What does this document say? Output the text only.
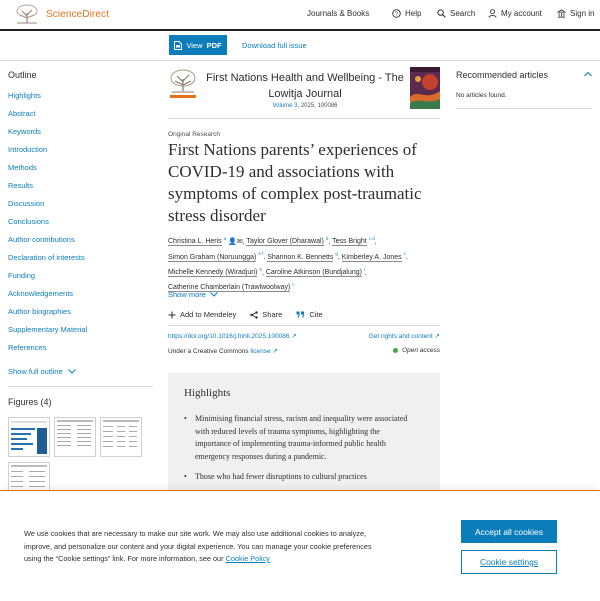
ScienceDirect	Journals & Books	? Help	Search	My account	Sign in
View PDF	Download full issue
Outline
Highlights
Abstract
Keywords
Introduction
Methods
Results
Discussion
Conclusions
Author contributions
Declaration of interests
Funding
Acknowledgements
Author biographies
Supplementary Material
References
Show full outline
Figures (4)
First Nations Health and Wellbeing - The Lowitja Journal
Volume 3, 2025, 100086
Original Research
First Nations parents’ experiences of COVID-19 and associations with symptoms of complex post-traumatic stress disorder
Christina L. Heris $^a$ 👤✉, Taylor Glover (Dharawal) $^b$, Tess Bright $^{c d}$,
Simon Graham (Noruungga) $^{e f}$, Shannon K. Bennetts $^g$, Kimberley A. Jones $^c$,
Michelle Kennedy (Wiradjuri) $^h$, Caroline Atkinson (Bundjalung) $^i$,
Catherine Chamberlain (Trawlwoolway) $^c$
Show more
Add to Mendeley	Share	Cite
https://doi.org/10.1016/j.fnhli.2025.100086 ↗	Get rights and content ↗
Under a Creative Commons license ↗	Open access
Highlights
• Minimising financial stress, racism and inequality were associated with reduced levels of trauma symptoms, highlighting the importance of implementing trauma-informed public health emergency responses during a pandemic.
• Those who had fewer disruptions to cultural practices
Recommended articles
No articles found.
We use cookies that are necessary to make our site work. We may also use additional cookies to analyze, improve, and personalize our content and your digital experience. You can manage your cookie preferences using the “Cookie settings” link. For more information, see our Cookie Policy
Accept all cookies
Cookie settings
